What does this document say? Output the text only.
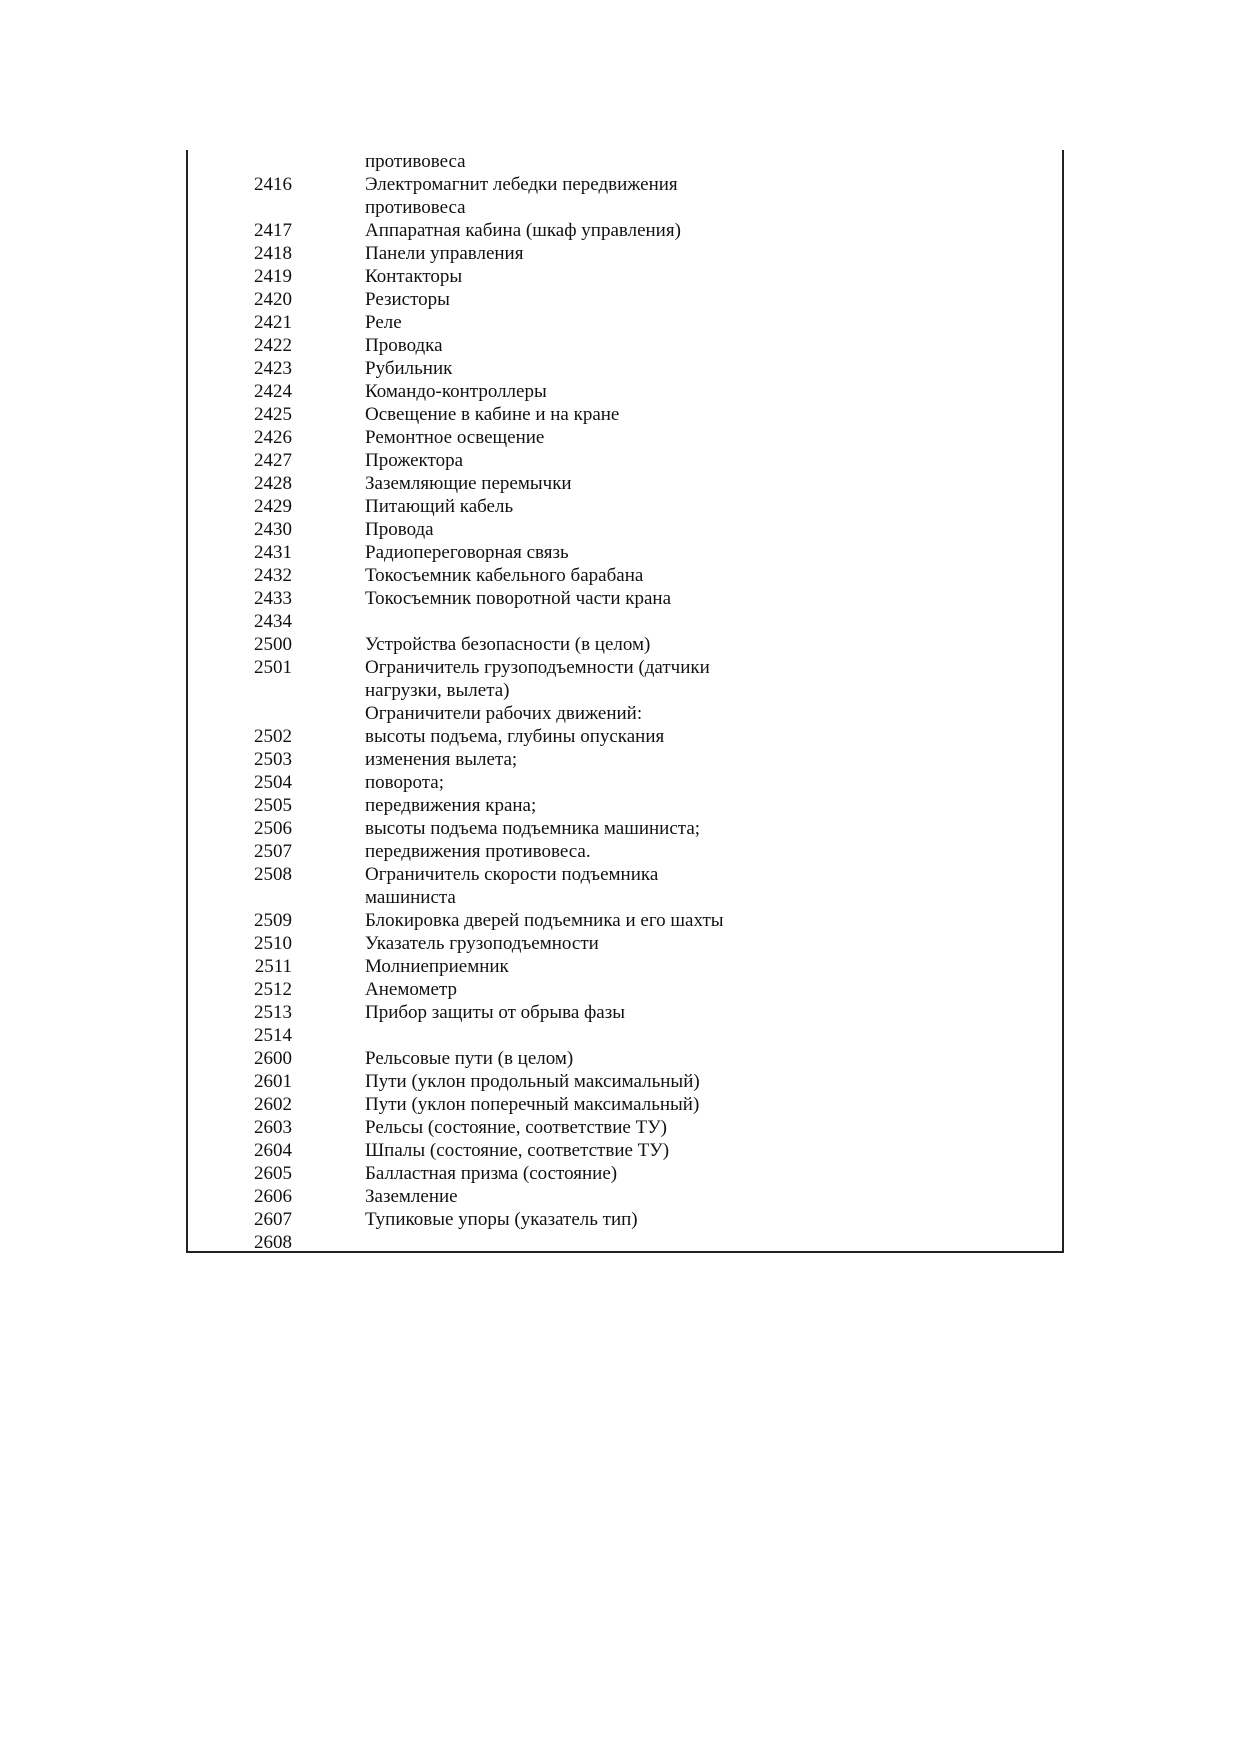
противовеса
2416	Электромагнит лебедки передвижения
противовеса
2417	Аппаратная кабина (шкаф управления)
2418	Панели управления
2419	Контакторы
2420	Резисторы
2421	Реле
2422	Проводка
2423	Рубильник
2424	Командо-контроллеры
2425	Освещение в кабине и на кране
2426	Ремонтное освещение
2427	Прожектора
2428	Заземляющие перемычки
2429	Питающий кабель
2430	Провода
2431	Радиопереговорная связь
2432	Токосъемник кабельного барабана
2433	Токосъемник поворотной части крана
2434
2500	Устройства безопасности (в целом)
2501	Ограничитель грузоподъемности (датчики
нагрузки, вылета)
Ограничители рабочих движений:
2502	высоты подъема, глубины опускания
2503	изменения вылета;
2504	поворота;
2505	передвижения крана;
2506	высоты подъема подъемника машиниста;
2507	передвижения противовеса.
2508	Ограничитель скорости подъемника
машиниста
2509	Блокировка дверей подъемника и его шахты
2510	Указатель грузоподъемности
2511	Молниеприемник
2512	Анемометр
2513	Прибор защиты от обрыва фазы
2514
2600	Рельсовые пути (в целом)
2601	Пути (уклон продольный максимальный)
2602	Пути (уклон поперечный максимальный)
2603	Рельсы (состояние, соответствие ТУ)
2604	Шпалы (состояние, соответствие ТУ)
2605	Балластная призма (состояние)
2606	Заземление
2607	Тупиковые упоры (указатель тип)
2608
